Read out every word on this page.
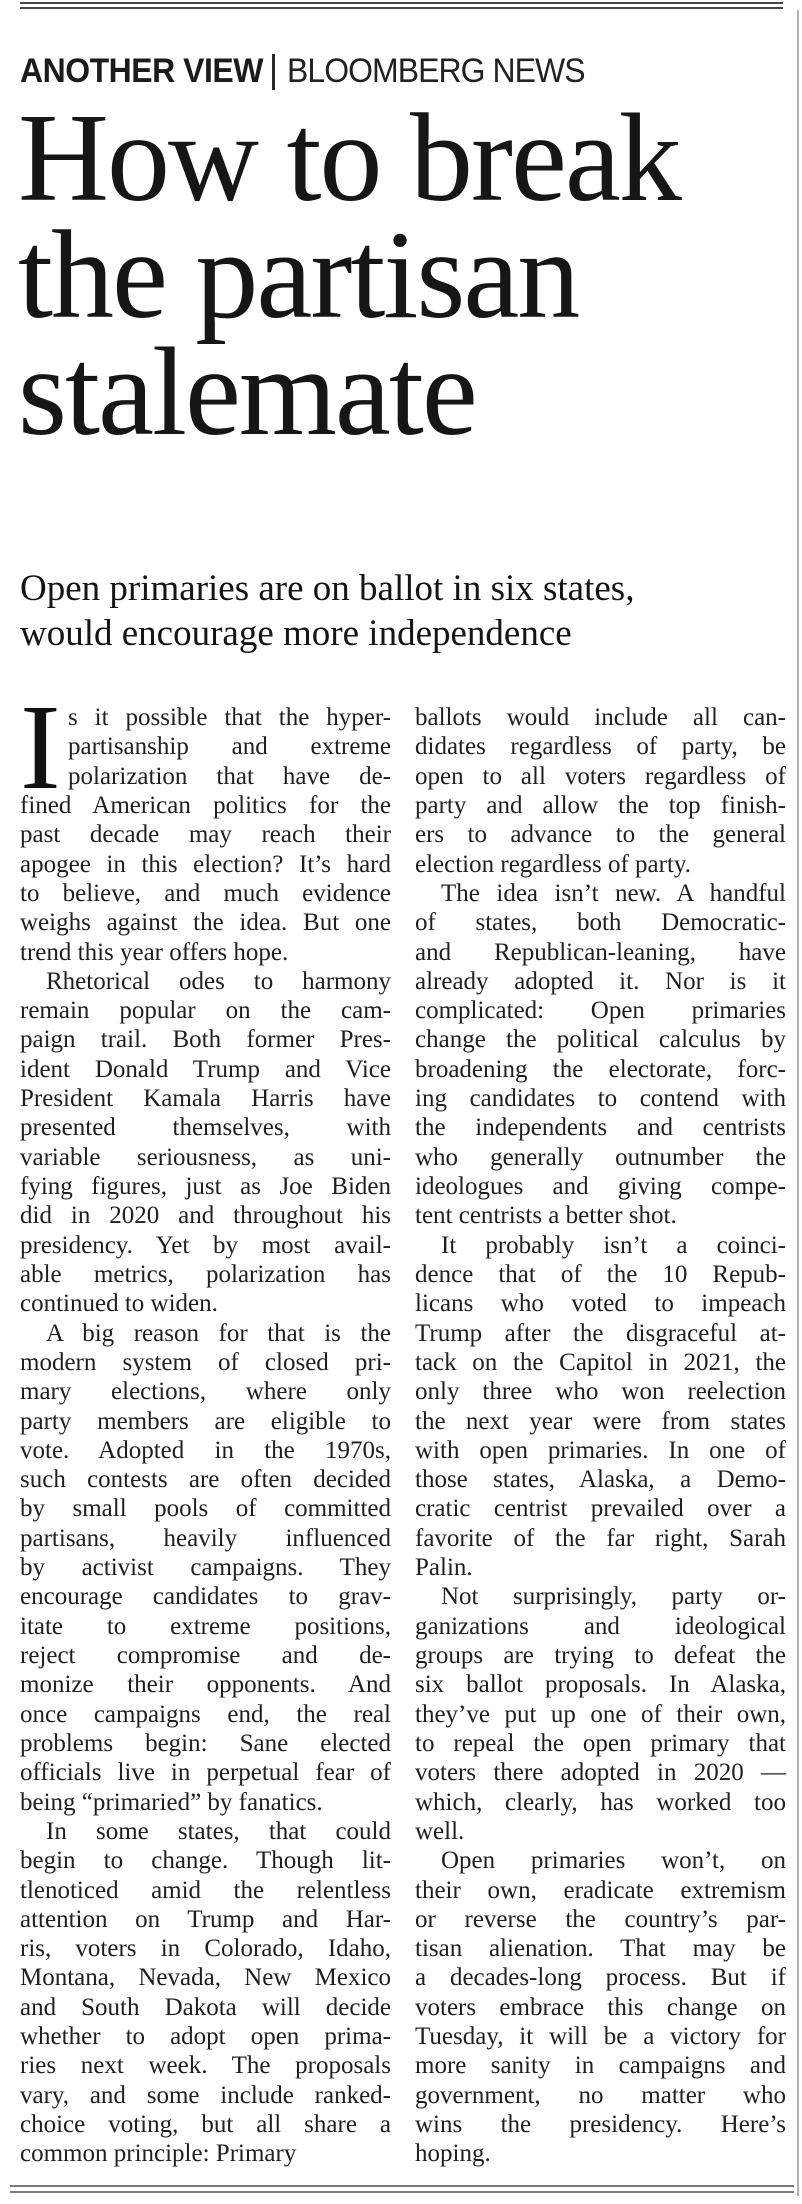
ANOTHER VIEW BLOOMBERG NEWS
How to break
the partisan
stalemate
Open primaries are on ballot in six states,
would encourage more independence
I s it possible that the hyper-
partisanship and extreme
polarization that have de-
fined American politics for the
past decade may reach their
apogee in this election? It’s hard
to believe, and much evidence
weighs against the idea. But one
trend this year offers hope.
Rhetorical odes to harmony
remain popular on the cam-
paign trail. Both former Pres-
ident Donald Trump and Vice
President Kamala Harris have
presented themselves, with
variable seriousness, as uni-
fying figures, just as Joe Biden
did in 2020 and throughout his
presidency. Yet by most avail-
able metrics, polarization has
continued to widen.
A big reason for that is the
modern system of closed pri-
mary elections, where only
party members are eligible to
vote. Adopted in the 1970s,
such contests are often decided
by small pools of committed
partisans, heavily influenced
by activist campaigns. They
encourage candidates to grav-
itate to extreme positions,
reject compromise and de-
monize their opponents. And
once campaigns end, the real
problems begin: Sane elected
officials live in perpetual fear of
being “primaried” by fanatics.
In some states, that could
begin to change. Though lit-
tlenoticed amid the relentless
attention on Trump and Har-
ris, voters in Colorado, Idaho,
Montana, Nevada, New Mexico
and South Dakota will decide
whether to adopt open prima-
ries next week. The proposals
vary, and some include ranked-
choice voting, but all share a
common principle: Primary
ballots would include all can-
didates regardless of party, be
open to all voters regardless of
party and allow the top finish-
ers to advance to the general
election regardless of party.
The idea isn’t new. A handful
of states, both Democratic-
and Republican-leaning, have
already adopted it. Nor is it
complicated: Open primaries
change the political calculus by
broadening the electorate, forc-
ing candidates to contend with
the independents and centrists
who generally outnumber the
ideologues and giving compe-
tent centrists a better shot.
It probably isn’t a coinci-
dence that of the 10 Repub-
licans who voted to impeach
Trump after the disgraceful at-
tack on the Capitol in 2021, the
only three who won reelection
the next year were from states
with open primaries. In one of
those states, Alaska, a Demo-
cratic centrist prevailed over a
favorite of the far right, Sarah
Palin.
Not surprisingly, party or-
ganizations and ideological
groups are trying to defeat the
six ballot proposals. In Alaska,
they’ve put up one of their own,
to repeal the open primary that
voters there adopted in 2020 —
which, clearly, has worked too
well.
Open primaries won’t, on
their own, eradicate extremism
or reverse the country’s par-
tisan alienation. That may be
a decades-long process. But if
voters embrace this change on
Tuesday, it will be a victory for
more sanity in campaigns and
government, no matter who
wins the presidency. Here’s
hoping.
